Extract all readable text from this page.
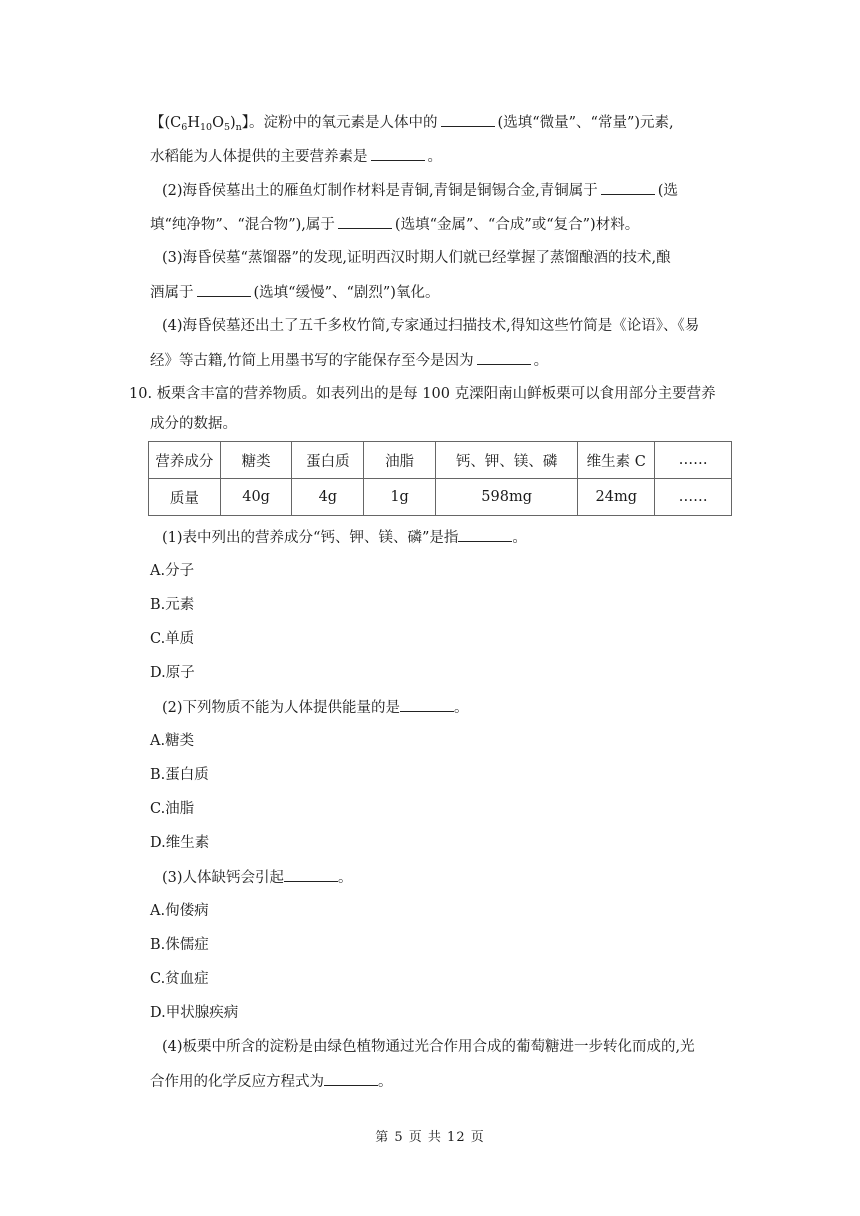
【$(C_6H_{10}O_5)_n$】。淀粉中的氧元素是人体中的	(选填“微量”、“常量”)元素,
水稻能为人体提供的主要营养素是	。
(2)海昏侯墓出土的雁鱼灯制作材料是青铜,青铜是铜锡合金,青铜属于	(选
填“纯净物”、“混合物”),属于	(选填“金属”、“合成”或“复合”)材料。
(3)海昏侯墓“蒸馏器”的发现,证明西汉时期人们就已经掌握了蒸馏酿酒的技术,酿
酒属于	(选填“缓慢”、“剧烈”)氧化。
(4)海昏侯墓还出土了五千多枚竹简,专家通过扫描技术,得知这些竹简是《论语》、《易
经》等古籍,竹简上用墨书写的字能保存至今是因为	。
10. 板栗含丰富的营养物质。如表列出的是每 100 克溧阳南山鲜板栗可以食用部分主要营养
成分的数据。
营养成分	糖类	蛋白质	油脂	钙、钾、镁、磷	维生素 C	……
质量	40g	4g	1g	598mg	24mg	……
(1)表中列出的营养成分“钙、钾、镁、磷”是指	。
A.分子
B.元素
C.单质
D.原子
(2)下列物质不能为人体提供能量的是	。
A.糖类
B.蛋白质
C.油脂
D.维生素
(3)人体缺钙会引起	。
A.佝偻病
B.侏儒症
C.贫血症
D.甲状腺疾病
(4)板栗中所含的淀粉是由绿色植物通过光合作用合成的葡萄糖进一步转化而成的,光
合作用的化学反应方程式为	。
第 5 页 共 12 页
